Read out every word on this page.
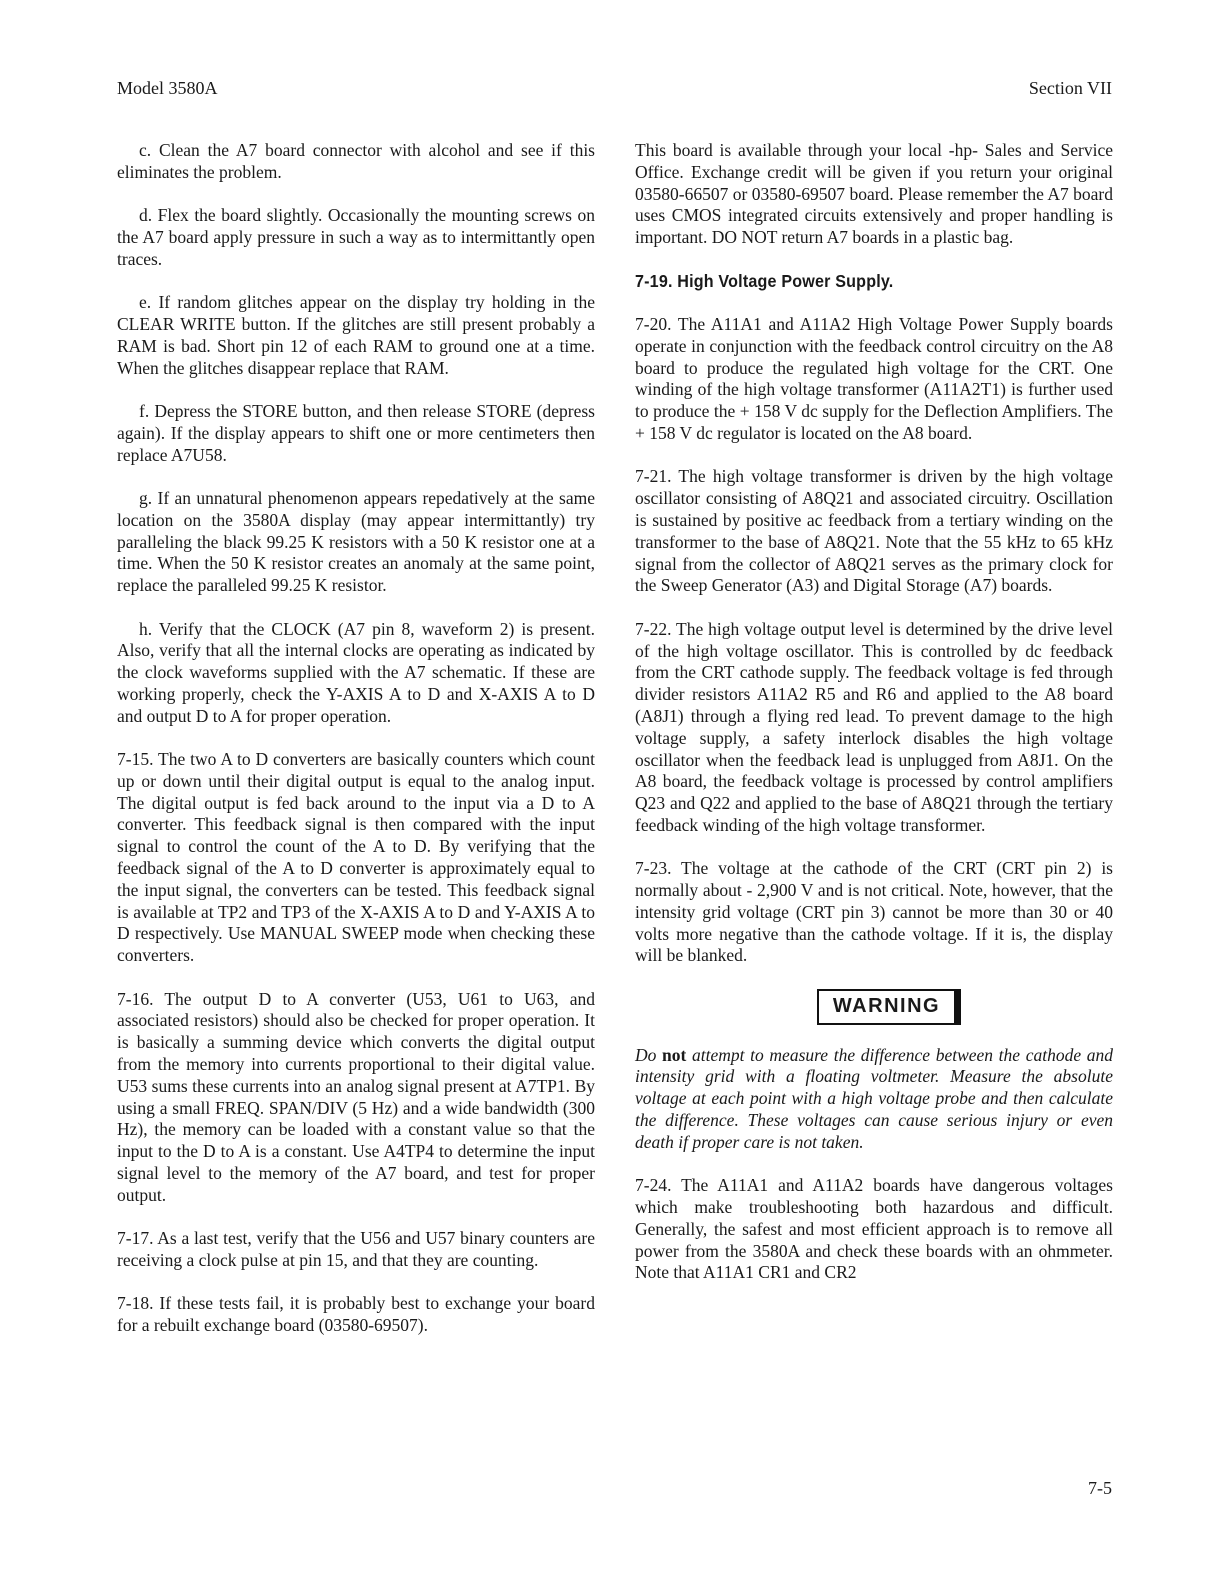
Model 3580A	Section VII

c. Clean the A7 board connector with alcohol and see if this eliminates the problem.

d. Flex the board slightly. Occasionally the mounting screws on the A7 board apply pressure in such a way as to intermittantly open traces.

e. If random glitches appear on the display try holding in the CLEAR WRITE button. If the glitches are still present probably a RAM is bad. Short pin 12 of each RAM to ground one at a time. When the glitches disappear replace that RAM.

f. Depress the STORE button, and then release STORE (depress again). If the display appears to shift one or more centimeters then replace A7U58.

g. If an unnatural phenomenon appears repedatively at the same location on the 3580A display (may appear intermittantly) try paralleling the black 99.25 K resistors with a 50 K resistor one at a time. When the 50 K resistor creates an anomaly at the same point, replace the paralleled 99.25 K resistor.

h. Verify that the CLOCK (A7 pin 8, waveform 2) is present. Also, verify that all the internal clocks are operating as indicated by the clock waveforms supplied with the A7 schematic. If these are working properly, check the Y-AXIS A to D and X-AXIS A to D and output D to A for proper operation.

7-15. The two A to D converters are basically counters which count up or down until their digital output is equal to the analog input. The digital output is fed back around to the input via a D to A converter. This feedback signal is then compared with the input signal to control the count of the A to D. By verifying that the feedback signal of the A to D converter is approximately equal to the input signal, the converters can be tested. This feedback signal is available at TP2 and TP3 of the X-AXIS A to D and Y-AXIS A to D respectively. Use MANUAL SWEEP mode when checking these converters.

7-16. The output D to A converter (U53, U61 to U63, and associated resistors) should also be checked for proper operation. It is basically a summing device which converts the digital output from the memory into currents proportional to their digital value. U53 sums these currents into an analog signal present at A7TP1. By using a small FREQ. SPAN/DIV (5 Hz) and a wide bandwidth (300 Hz), the memory can be loaded with a constant value so that the input to the D to A is a constant. Use A4TP4 to determine the input signal level to the memory of the A7 board, and test for proper output.

7-17. As a last test, verify that the U56 and U57 binary counters are receiving a clock pulse at pin 15, and that they are counting.

7-18. If these tests fail, it is probably best to exchange your board for a rebuilt exchange board (03580-69507).

This board is available through your local -hp- Sales and Service Office. Exchange credit will be given if you return your original 03580-66507 or 03580-69507 board. Please remember the A7 board uses CMOS integrated circuits extensively and proper handling is important. DO NOT return A7 boards in a plastic bag.

7-19. High Voltage Power Supply.

7-20. The A11A1 and A11A2 High Voltage Power Supply boards operate in conjunction with the feedback control circuitry on the A8 board to produce the regulated high voltage for the CRT. One winding of the high voltage transformer (A11A2T1) is further used to produce the + 158 V dc supply for the Deflection Amplifiers. The + 158 V dc regulator is located on the A8 board.

7-21. The high voltage transformer is driven by the high voltage oscillator consisting of A8Q21 and associated circuitry. Oscillation is sustained by positive ac feedback from a tertiary winding on the transformer to the base of A8Q21. Note that the 55 kHz to 65 kHz signal from the collector of A8Q21 serves as the primary clock for the Sweep Generator (A3) and Digital Storage (A7) boards.

7-22. The high voltage output level is determined by the drive level of the high voltage oscillator. This is controlled by dc feedback from the CRT cathode supply. The feedback voltage is fed through divider resistors A11A2 R5 and R6 and applied to the A8 board (A8J1) through a flying red lead. To prevent damage to the high voltage supply, a safety interlock disables the high voltage oscillator when the feedback lead is unplugged from A8J1. On the A8 board, the feedback voltage is processed by control amplifiers Q23 and Q22 and applied to the base of A8Q21 through the tertiary feedback winding of the high voltage transformer.

7-23. The voltage at the cathode of the CRT (CRT pin 2) is normally about - 2,900 V and is not critical. Note, however, that the intensity grid voltage (CRT pin 3) cannot be more than 30 or 40 volts more negative than the cathode voltage. If it is, the display will be blanked.

WARNING

Do not attempt to measure the difference between the cathode and intensity grid with a floating voltmeter. Measure the absolute voltage at each point with a high voltage probe and then calculate the difference. These voltages can cause serious injury or even death if proper care is not taken.

7-24. The A11A1 and A11A2 boards have dangerous voltages which make troubleshooting both hazardous and difficult. Generally, the safest and most efficient approach is to remove all power from the 3580A and check these boards with an ohmmeter. Note that A11A1 CR1 and CR2

7-5
